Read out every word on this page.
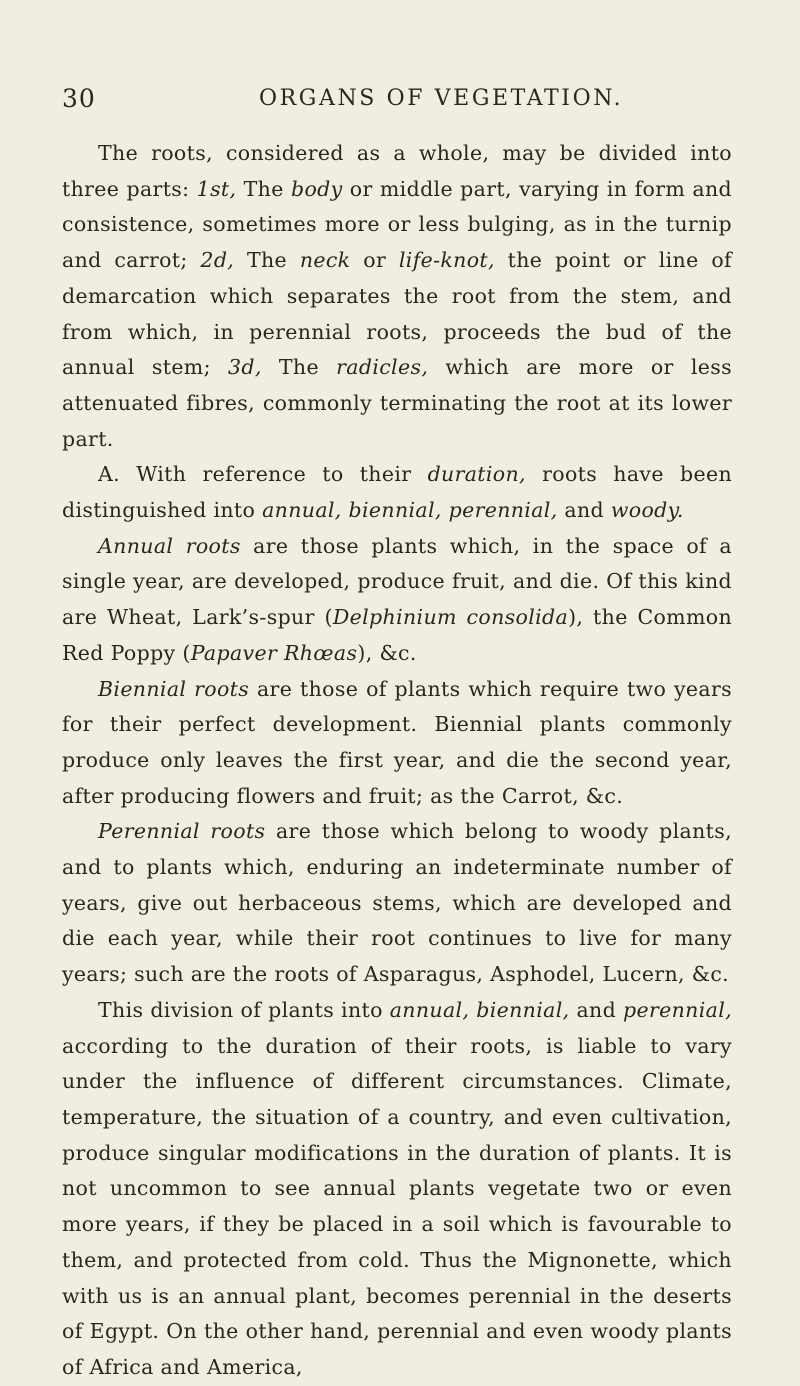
30	ORGANS OF VEGETATION.

The roots, considered as a whole, may be divided into three parts: 1st, The body or middle part, varying in form and consistence, sometimes more or less bulging, as in the turnip and carrot; 2d, The neck or life-knot, the point or line of demarcation which separates the root from the stem, and from which, in perennial roots, proceeds the bud of the annual stem; 3d, The radicles, which are more or less attenuated fibres, commonly terminating the root at its lower part.

A. With reference to their duration, roots have been distinguished into annual, biennial, perennial, and woody.

Annual roots are those plants which, in the space of a single year, are developed, produce fruit, and die. Of this kind are Wheat, Lark’s-spur (Delphinium consolida), the Common Red Poppy (Papaver Rhœas), &c.

Biennial roots are those of plants which require two years for their perfect development. Biennial plants commonly produce only leaves the first year, and die the second year, after producing flowers and fruit; as the Carrot, &c.

Perennial roots are those which belong to woody plants, and to plants which, enduring an indeterminate number of years, give out herbaceous stems, which are developed and die each year, while their root continues to live for many years; such are the roots of Asparagus, Asphodel, Lucern, &c.

This division of plants into annual, biennial, and perennial, according to the duration of their roots, is liable to vary under the influence of different circumstances. Climate, temperature, the situation of a country, and even cultivation, produce singular modifications in the duration of plants. It is not uncommon to see annual plants vegetate two or even more years, if they be placed in a soil which is favourable to them, and protected from cold. Thus the Mignonette, which with us is an annual plant, becomes perennial in the deserts of Egypt. On the other hand, perennial and even woody plants of Africa and America,
